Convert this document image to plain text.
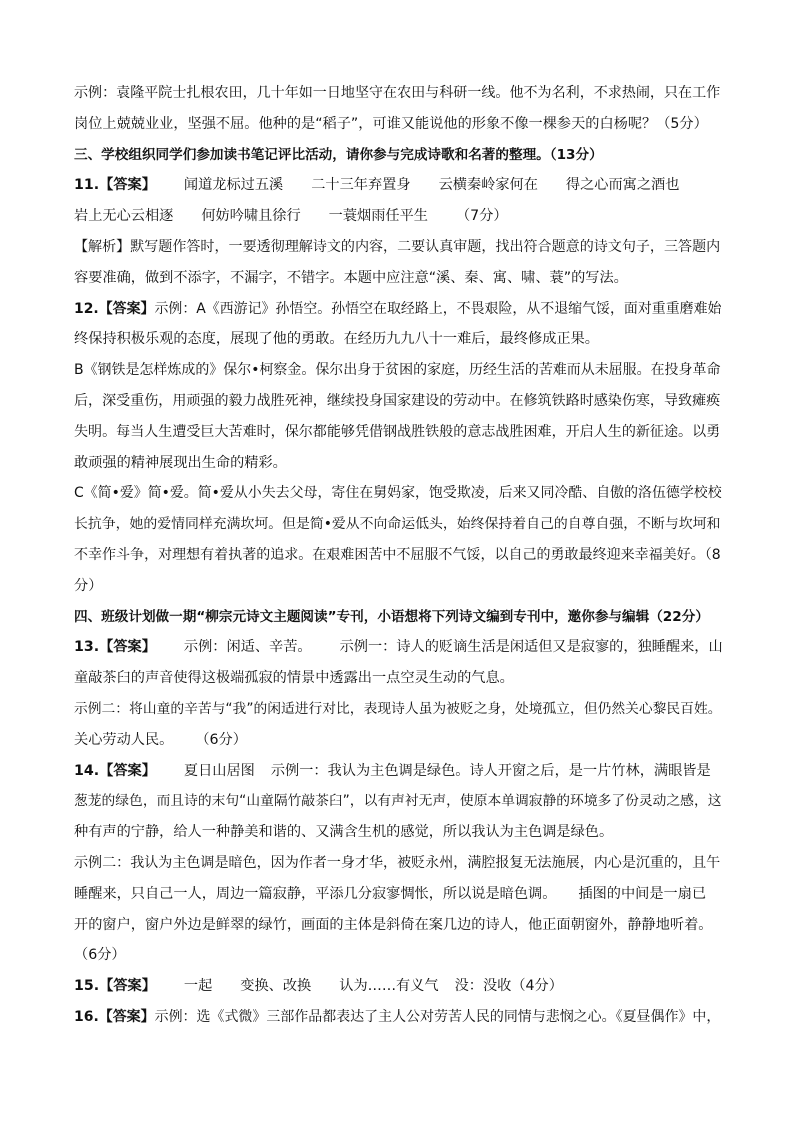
示例：袁隆平院士扎根农田，几十年如一日地坚守在农田与科研一线。他不为名利，不求热闹，只在工作

岗位上兢兢业业，坚强不屈。他种的是“稻子”，可谁又能说他的形象不像一棵参天的白杨呢？（5分）

三、学校组织同学们参加读书笔记评比活动，请你参与完成诗歌和名著的整理。（13分）

11.【答案】 闻道龙标过五溪 二十三年弃置身 云横秦岭家何在 得之心而寓之酒也

岩上无心云相逐 何妨吟啸且徐行 一蓑烟雨任平生 （7分）

【解析】默写题作答时，一要透彻理解诗文的内容，二要认真审题，找出符合题意的诗文句子，三答题内

容要准确，做到不添字，不漏字，不错字。本题中应注意“溪、秦、寓、啸、蓑”的写法。

12.【答案】示例：A《西游记》孙悟空。孙悟空在取经路上，不畏艰险，从不退缩气馁，面对重重磨难始

终保持积极乐观的态度，展现了他的勇敢。在经历九九八十一难后，最终修成正果。

B《钢铁是怎样炼成的》保尔•柯察金。保尔出身于贫困的家庭，历经生活的苦难而从未屈服。在投身革命

后，深受重伤，用顽强的毅力战胜死神，继续投身国家建设的劳动中。在修筑铁路时感染伤寒，导致瘫痪

失明。每当人生遭受巨大苦难时，保尔都能够凭借钢战胜铁般的意志战胜困难，开启人生的新征途。以勇

敢顽强的精神展现出生命的精彩。

C《简•爱》简•爱。简•爱从小失去父母，寄住在舅妈家，饱受欺凌，后来又同冷酷、自傲的洛伍德学校校

长抗争，她的爱情同样充满坎坷。但是简•爱从不向命运低头，始终保持着自己的自尊自强，不断与坎坷和

不幸作斗争，对理想有着执著的追求。在艰难困苦中不屈服不气馁，以自己的勇敢最终迎来幸福美好。（8

分）

四、班级计划做一期“柳宗元诗文主题阅读”专刊，小语想将下列诗文编到专刊中，邀你参与编辑（22分）

13.【答案】 示例：闲适、辛苦。 示例一：诗人的贬谪生活是闲适但又是寂寥的，独睡醒来，山

童敲茶臼的声音使得这极端孤寂的情景中透露出一点空灵生动的气息。

示例二：将山童的辛苦与“我”的闲适进行对比，表现诗人虽为被贬之身，处境孤立，但仍然关心黎民百姓。

关心劳动人民。 （6分）

14.【答案】 夏日山居图 示例一：我认为主色调是绿色。诗人开窗之后，是一片竹林，满眼皆是

葱茏的绿色，而且诗的末句“山童隔竹敲茶臼”，以有声衬无声，使原本单调寂静的环境多了份灵动之感，这

种有声的宁静，给人一种静美和谐的、又满含生机的感觉，所以我认为主色调是绿色。

示例二：我认为主色调是暗色，因为作者一身才华，被贬永州，满腔报复无法施展，内心是沉重的，且午

睡醒来，只自己一人，周边一篇寂静，平添几分寂寥惆怅，所以说是暗色调。 插图的中间是一扇已

开的窗户，窗户外边是鲜翠的绿竹，画面的主体是斜倚在案几边的诗人，他正面朝窗外，静静地听着。

（6分）

15.【答案】 一起 变换、改换 认为……有义气 没：没收（4分）

16.【答案】示例：选《式微》三部作品都表达了主人公对劳苦人民的同情与悲悯之心。《夏昼偶作》中，
